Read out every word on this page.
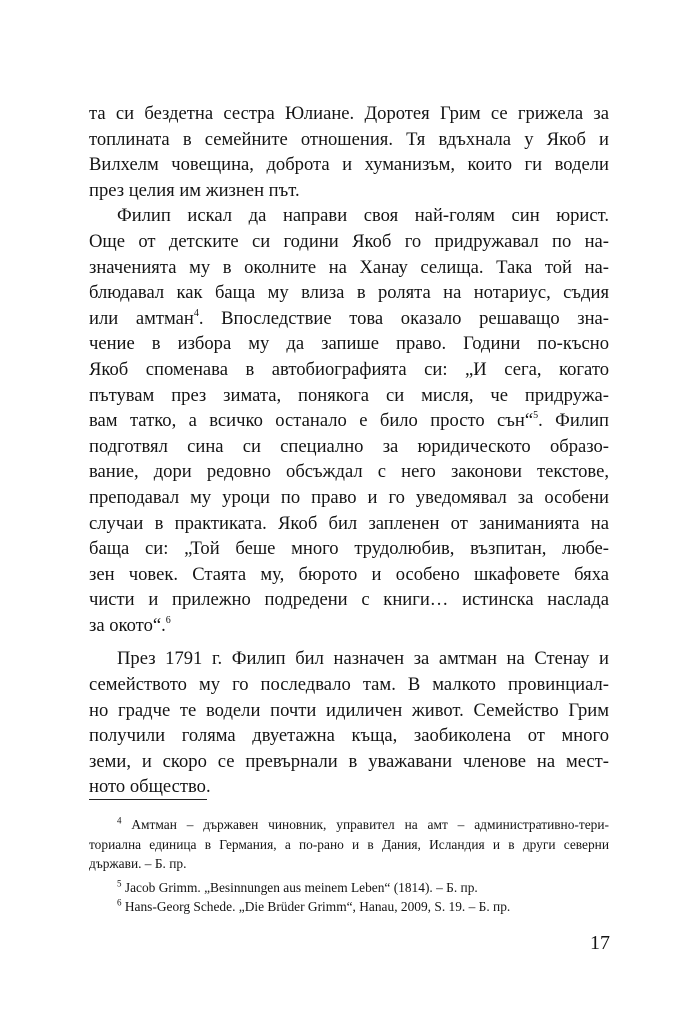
та си бездетна сестра Юлиане. Доротея Грим се грижела за
топлината в семейните отношения. Тя вдъхнала у Якоб и
Вилхелм човещина, доброта и хуманизъм, които ги водели
през целия им жизнен път.
Филип искал да направи своя най-голям син юрист.
Още от детските си години Якоб го придружавал по на-
значенията му в околните на Ханау селища. Така той на-
блюдавал как баща му влиза в ролята на нотариус, съдия
или амтман$^4$. Впоследствие това оказало решаващо зна-
чение в избора му да запише право. Години по-късно
Якоб споменава в автобиографията си: „И сега, когато
пътувам през зимата, понякога си мисля, че придружа-
вам татко, а всичко останало е било просто сън“$^5$. Филип
подготвял сина си специално за юридическото образо-
вание, дори редовно обсъждал с него законови текстове,
преподавал му уроци по право и го уведомявал за особени
случаи в практиката. Якоб бил запленен от заниманията на
баща си: „Той беше много трудолюбив, възпитан, любе-
зен човек. Стаята му, бюрото и особено шкафовете бяха
чисти и прилежно подредени с книги… истинска наслада
за окото“.$^6$
През 1791 г. Филип бил назначен за амтман на Стенау и
семейството му го последвало там. В малкото провинциал-
но градче те водели почти идиличен живот. Семейство Грим
получили голяма двуетажна къща, заобиколена от много
земи, и скоро се превърнали в уважавани членове на мест-
ното общество.
$^4$ Амтман – държавен чиновник, управител на амт – административно-тери-
ториална единица в Германия, а по-рано и в Дания, Исландия и в други северни
държави. – Б. пр.
$^5$ Jacob Grimm. „Besinnungen aus meinem Leben“ (1814). – Б. пр.
$^6$ Hans-Georg Schede. „Die Brüder Grimm“, Hanau, 2009, S. 19. – Б. пр.
17
